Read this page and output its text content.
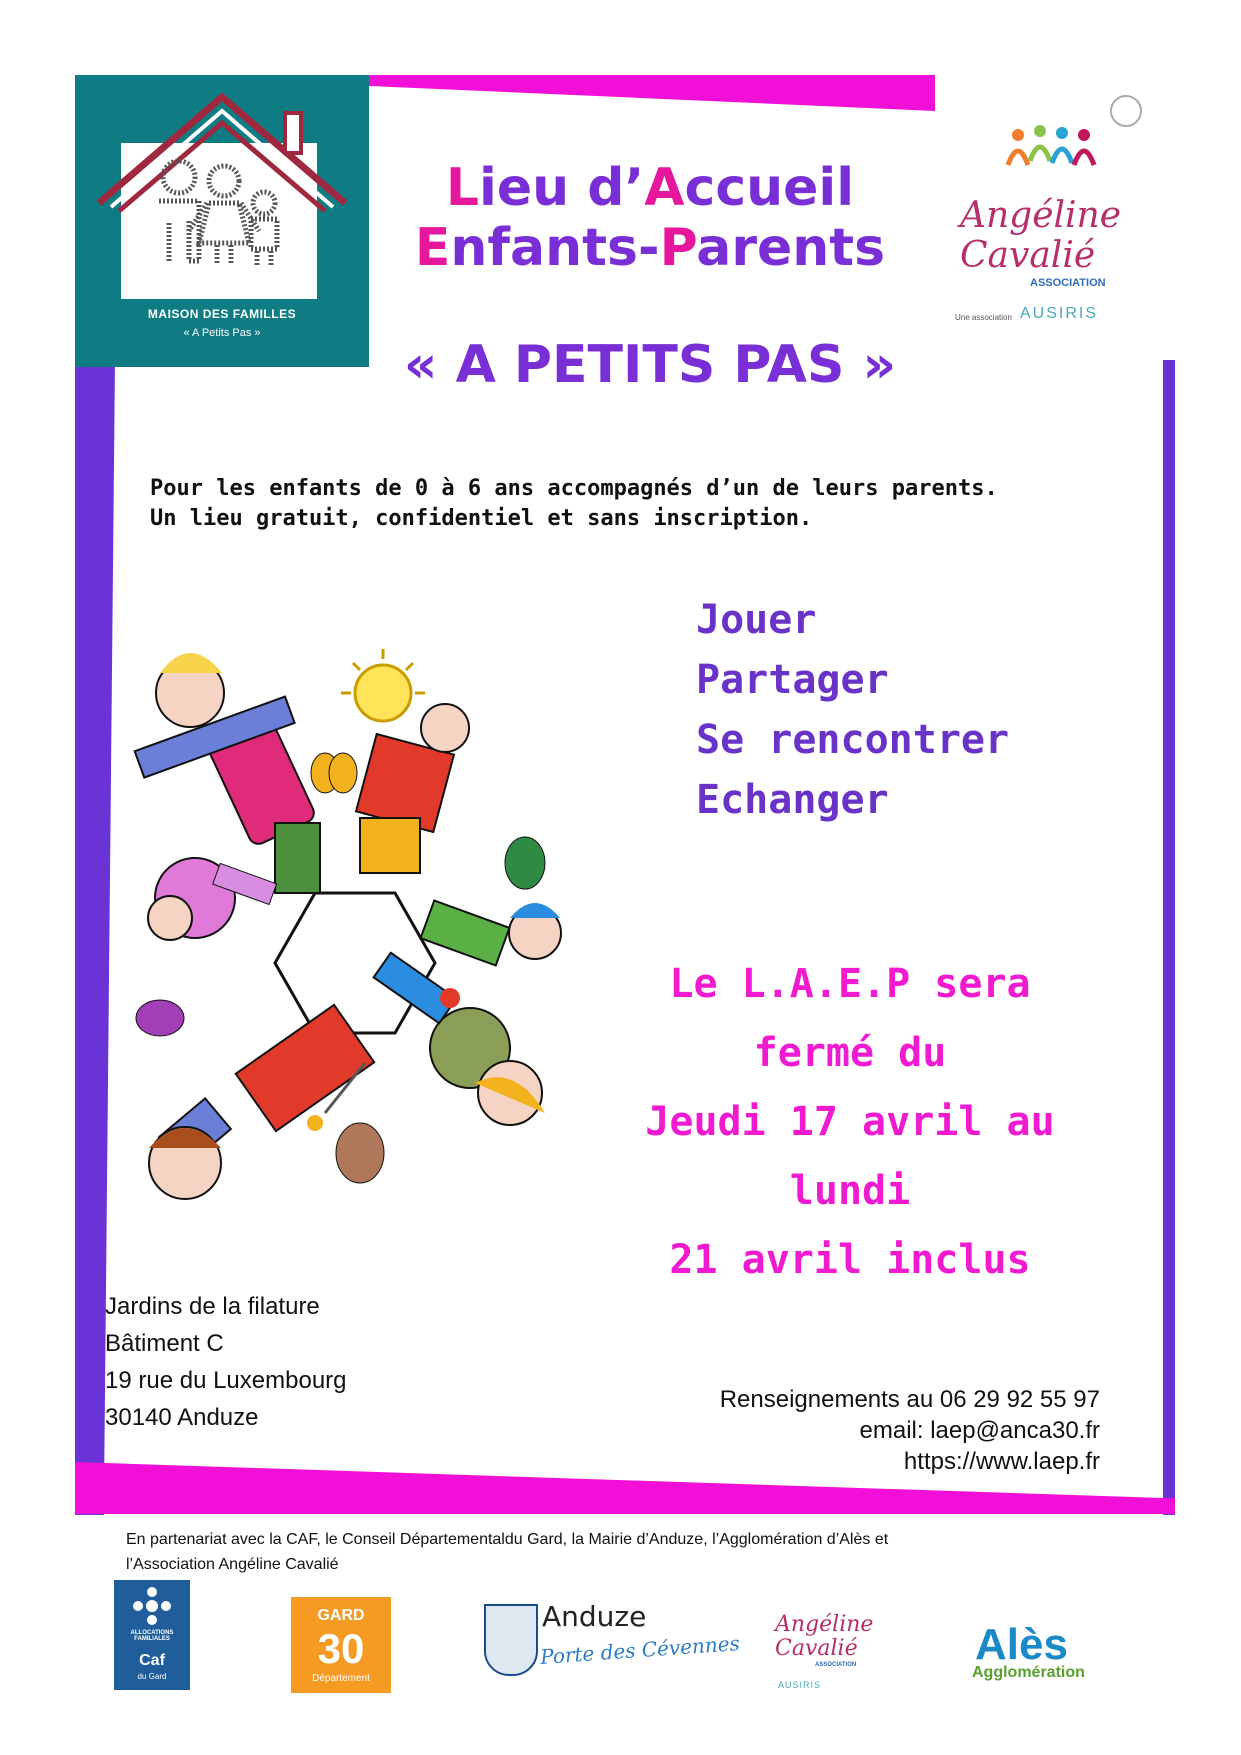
MAISON DES FAMILLES
« A Petits Pas »
Lieu d’Accueil
Enfants-Parents
« A PETITS PAS »
Angéline
Cavalié
ASSOCIATION
Une association AUSIRIS
Pour les enfants de 0 à 6 ans accompagnés d’un de leurs parents.
Un lieu gratuit, confidentiel et sans inscription.
Jouer
Partager
Se rencontrer
Echanger
Le L.A.E.P sera
fermé du
Jeudi 17 avril au lundi
21 avril inclus
Jardins de la filature
Bâtiment C
19 rue du Luxembourg
30140 Anduze
Renseignements au 06 29 92 55 97
email: laep@anca30.fr
https://www.laep.fr
En partenariat avec la CAF, le Conseil Départementaldu Gard, la Mairie d’Anduze, l’Agglomération d’Alès et
l’Association Angéline Cavalié
ALLOCATIONS FAMILIALES
Caf
du Gard
GARD
30
Département
Anduze
Porte des Cévennes
Angéline
Cavalié
ASSOCIATION
AUSIRIS
Alès
Agglomération
